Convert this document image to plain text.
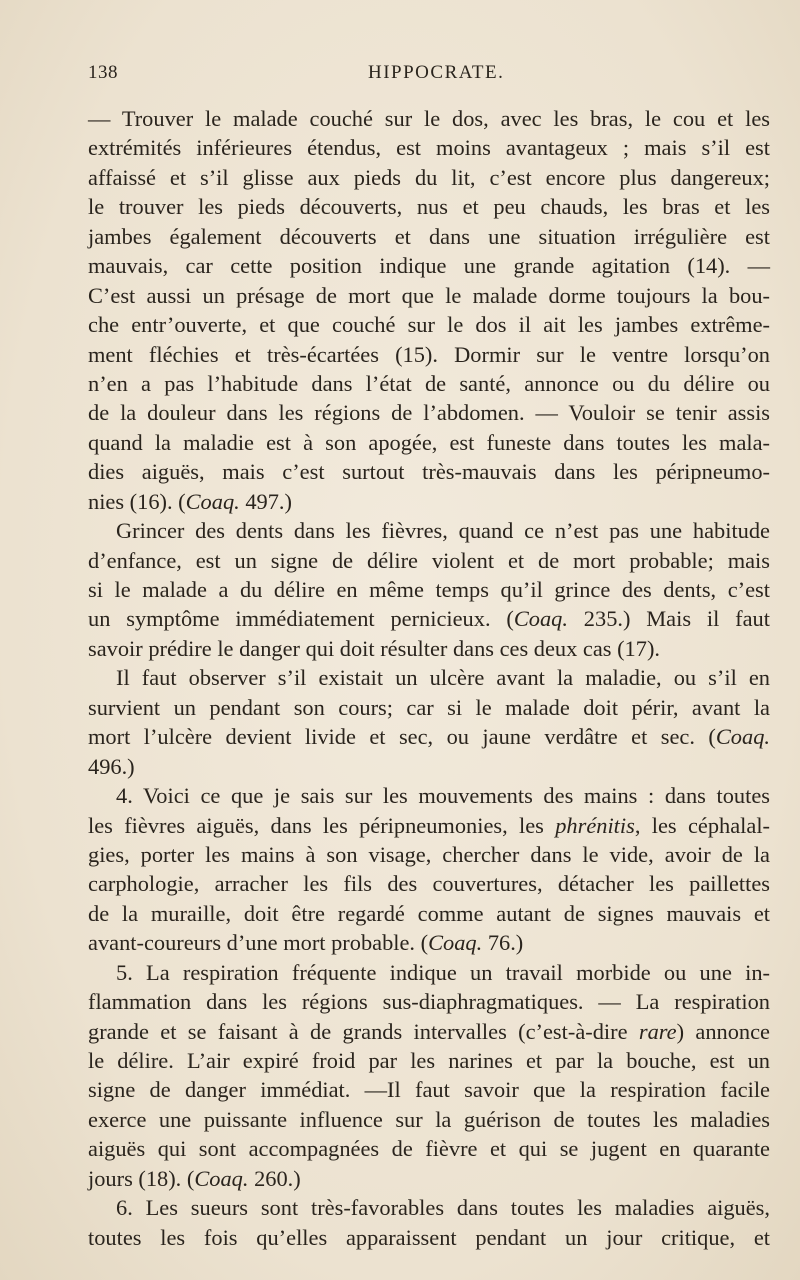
138	HIPPOCRATE.
— Trouver le malade couché sur le dos, avec les bras, le cou et les
extrémités inférieures étendus, est moins avantageux ; mais s’il est
affaissé et s’il glisse aux pieds du lit, c’est encore plus dangereux;
le trouver les pieds découverts, nus et peu chauds, les bras et les
jambes également découverts et dans une situation irrégulière est
mauvais, car cette position indique une grande agitation (14). —
C’est aussi un présage de mort que le malade dorme toujours la bou-
che entr’ouverte, et que couché sur le dos il ait les jambes extrême-
ment fléchies et très-écartées (15). Dormir sur le ventre lorsqu’on
n’en a pas l’habitude dans l’état de santé, annonce ou du délire ou
de la douleur dans les régions de l’abdomen. — Vouloir se tenir assis
quand la maladie est à son apogée, est funeste dans toutes les mala-
dies aiguës, mais c’est surtout très-mauvais dans les péripneumo-
nies (16). (Coaq. 497.)
Grincer des dents dans les fièvres, quand ce n’est pas une habitude
d’enfance, est un signe de délire violent et de mort probable; mais
si le malade a du délire en même temps qu’il grince des dents, c’est
un symptôme immédiatement pernicieux. (Coaq. 235.) Mais il faut
savoir prédire le danger qui doit résulter dans ces deux cas (17).
Il faut observer s’il existait un ulcère avant la maladie, ou s’il en
survient un pendant son cours; car si le malade doit périr, avant la
mort l’ulcère devient livide et sec, ou jaune verdâtre et sec. (Coaq.
496.)
4. Voici ce que je sais sur les mouvements des mains : dans toutes
les fièvres aiguës, dans les péripneumonies, les phrénitis, les céphalal-
gies, porter les mains à son visage, chercher dans le vide, avoir de la
carphologie, arracher les fils des couvertures, détacher les paillettes
de la muraille, doit être regardé comme autant de signes mauvais et
avant-coureurs d’une mort probable. (Coaq. 76.)
5. La respiration fréquente indique un travail morbide ou une in-
flammation dans les régions sus-diaphragmatiques. — La respiration
grande et se faisant à de grands intervalles (c’est-à-dire rare) annonce
le délire. L’air expiré froid par les narines et par la bouche, est un
signe de danger immédiat. —Il faut savoir que la respiration facile
exerce une puissante influence sur la guérison de toutes les maladies
aiguës qui sont accompagnées de fièvre et qui se jugent en quarante
jours (18). (Coaq. 260.)
6. Les sueurs sont très-favorables dans toutes les maladies aiguës,
toutes les fois qu’elles apparaissent pendant un jour critique, et
